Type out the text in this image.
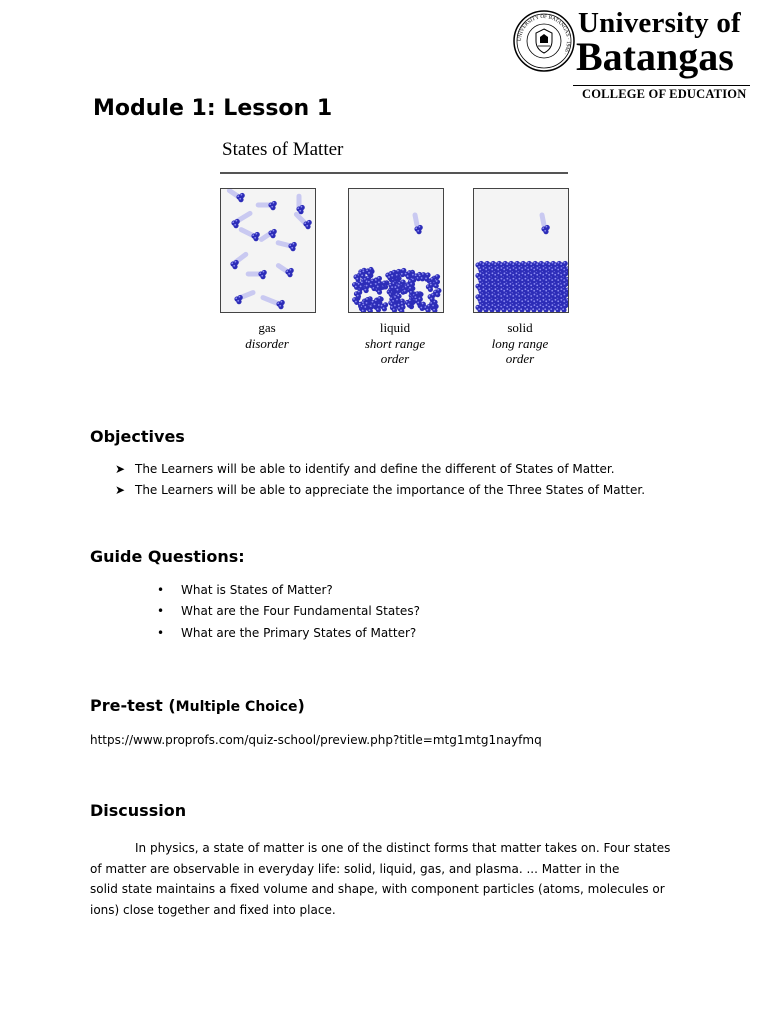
UNIVERSITY OF BATANGAS · 1946 ·
University of
Batangas
COLLEGE OF EDUCATION
Module 1: Lesson 1
States of Matter
gas
disorder
liquid
short range
order
solid
long range
order
Objectives
➤ The Learners will be able to identify and define the different of States of Matter.
➤ The Learners will be able to appreciate the importance of the Three States of Matter.
Guide Questions:
• What is States of Matter?
• What are the Four Fundamental States?
• What are the Primary States of Matter?
Pre-test (Multiple Choice)
https://www.proprofs.com/quiz-school/preview.php?title=mtg1mtg1nayfmq
Discussion
In physics, a state of matter is one of the distinct forms that matter takes on. Four states
of matter are observable in everyday life: solid, liquid, gas, and plasma. ... Matter in the
solid state maintains a fixed volume and shape, with component particles (atoms, molecules or
ions) close together and fixed into place.
